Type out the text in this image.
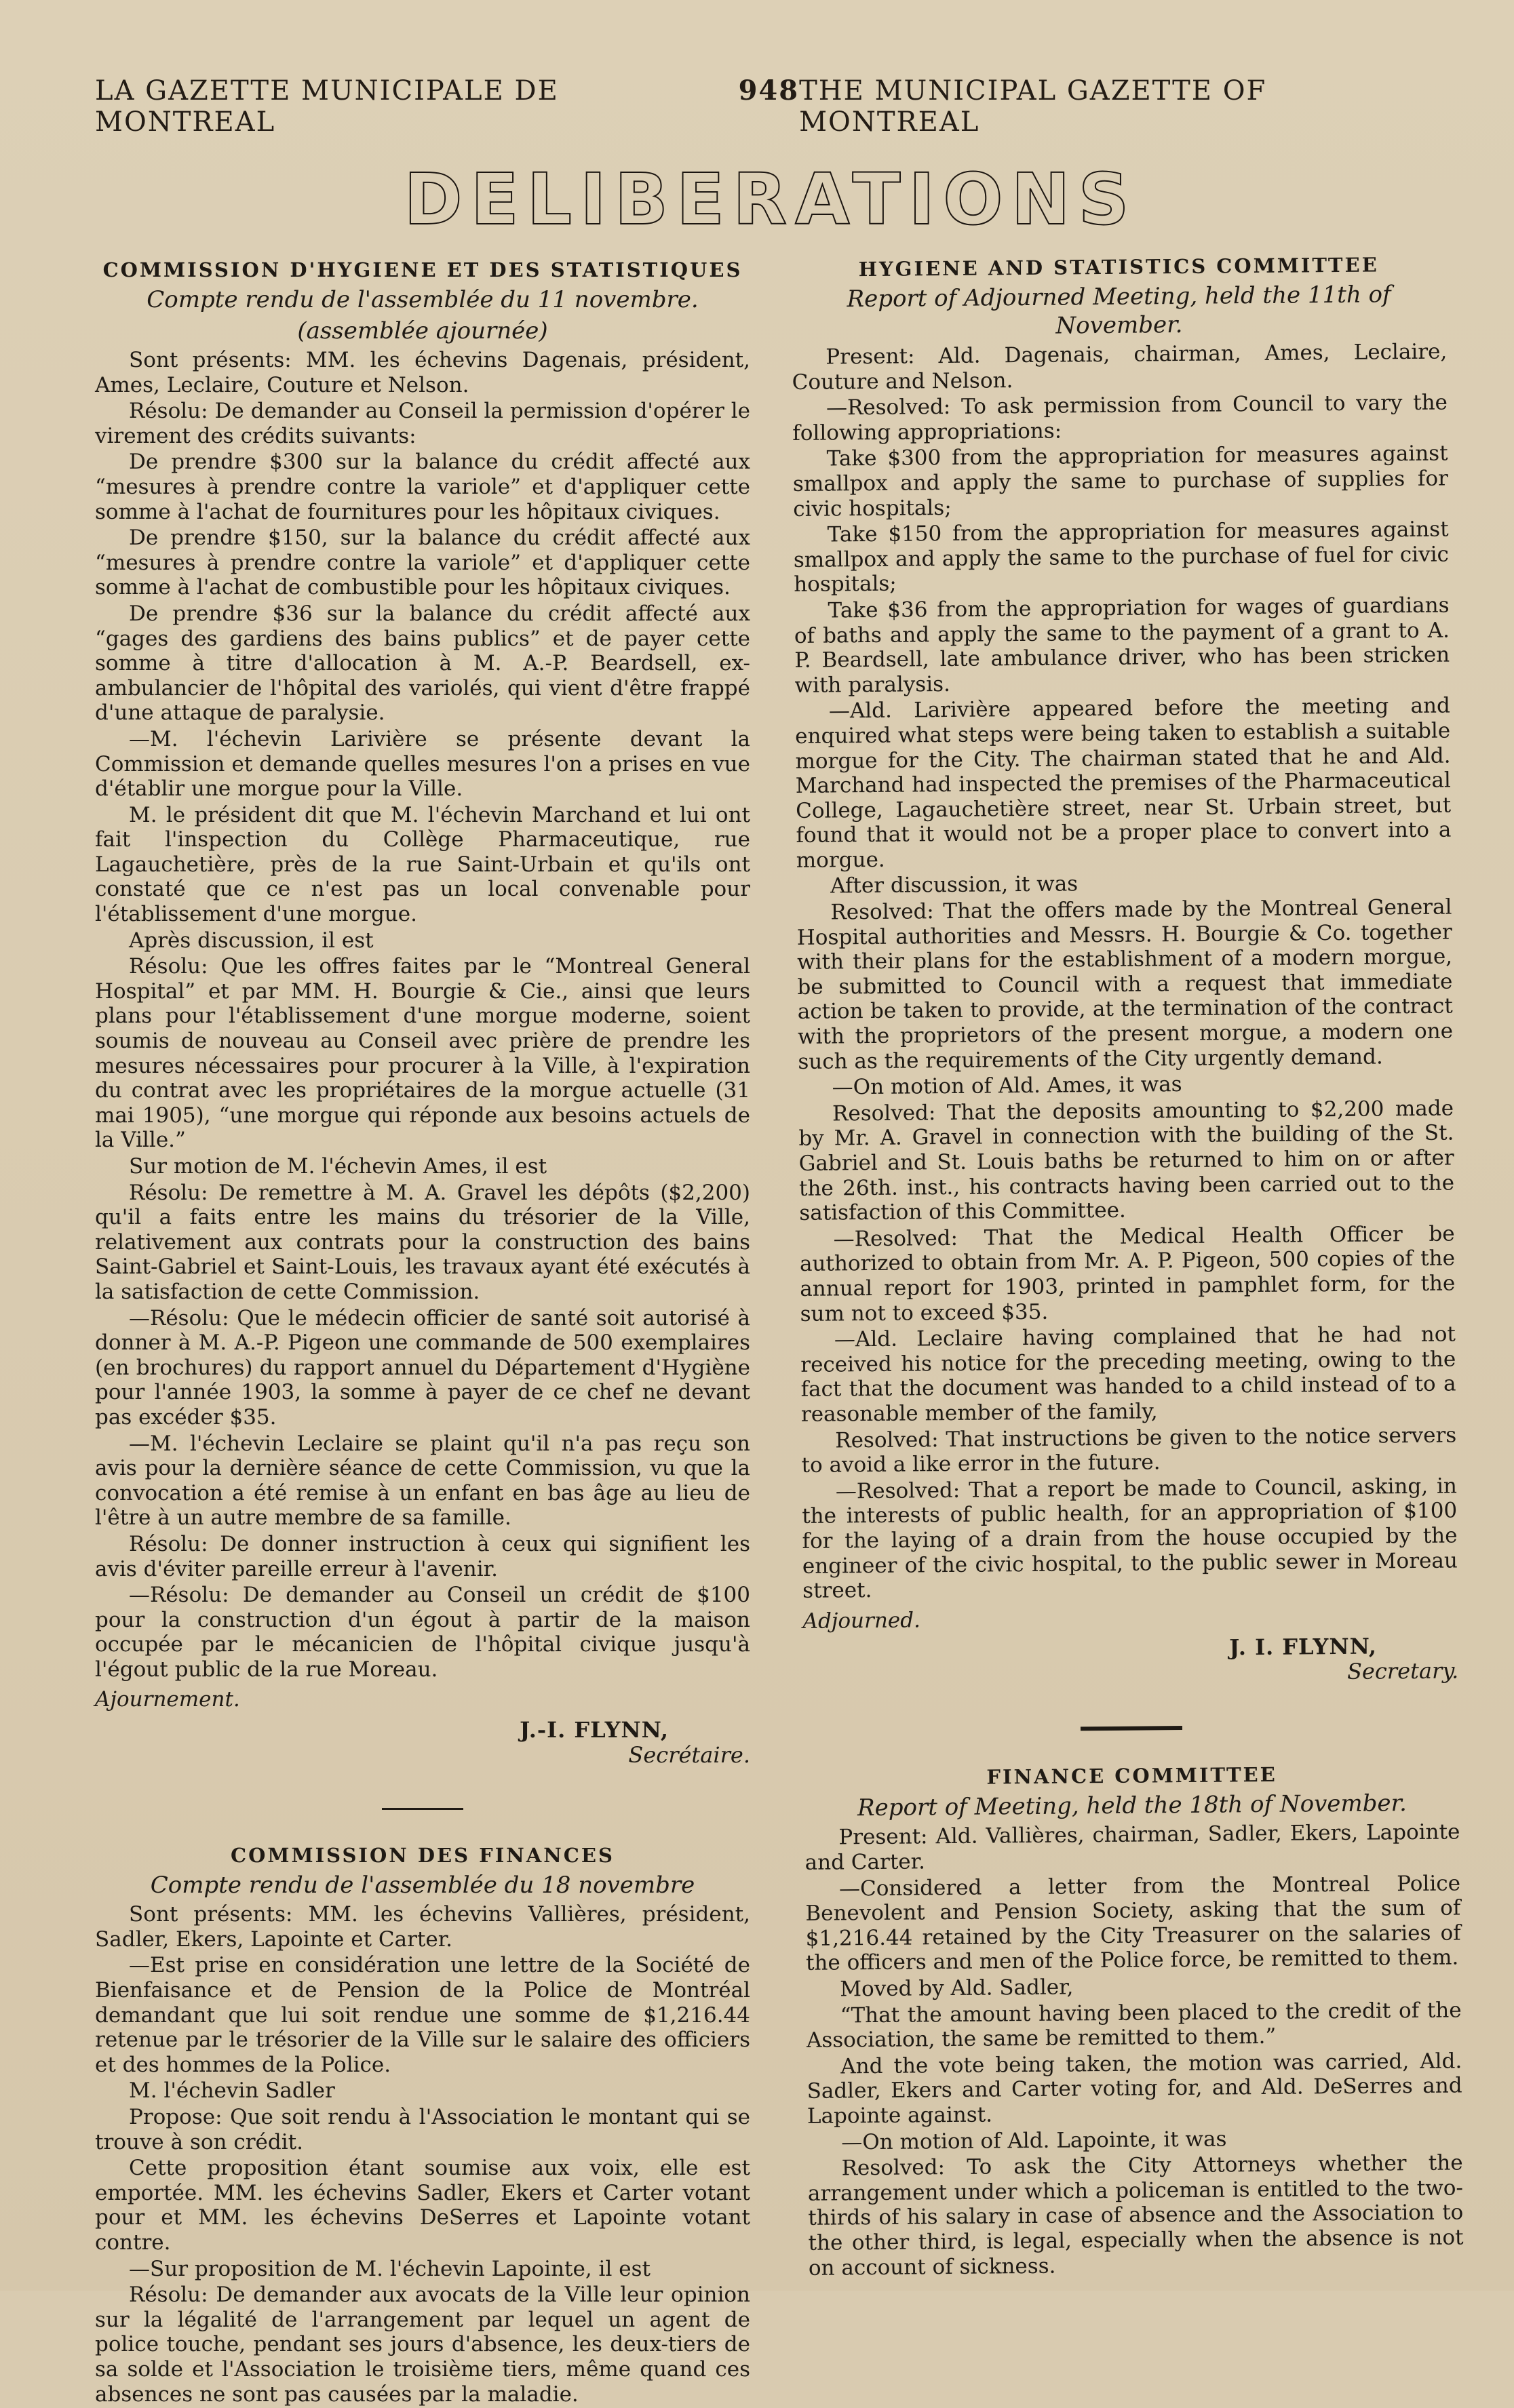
LA GAZETTE MUNICIPALE DE MONTREAL
948 THE MUNICIPAL GAZETTE OF MONTREAL
DELIBERATIONS
COMMISSION D'HYGIENE ET DES STATISTIQUES
Compte rendu de l'assemblée du 11 novembre.
(assemblée ajournée)

Sont présents: MM. les échevins Dagenais, président, Ames, Leclaire, Couture et Nelson.

Résolu: De demander au Conseil la permission d'opérer le virement des crédits suivants:

De prendre $300 sur la balance du crédit affecté aux “mesures à prendre contre la variole” et d'appliquer cette somme à l'achat de fournitures pour les hôpitaux civiques.

De prendre $150, sur la balance du crédit affecté aux “mesures à prendre contre la variole” et d'appliquer cette somme à l'achat de combustible pour les hôpitaux civiques.

De prendre $36 sur la balance du crédit affecté aux “gages des gardiens des bains publics” et de payer cette somme à titre d'allocation à M. A.-P. Beardsell, ex-ambulancier de l'hôpital des variolés, qui vient d'être frappé d'une attaque de paralysie.

—M. l'échevin Larivière se présente devant la Commission et demande quelles mesures l'on a prises en vue d'établir une morgue pour la Ville.

M. le président dit que M. l'échevin Marchand et lui ont fait l'inspection du Collège Pharmaceutique, rue Lagauchetière, près de la rue Saint-Urbain et qu'ils ont constaté que ce n'est pas un local convenable pour l'établissement d'une morgue.

Après discussion, il est

Résolu: Que les offres faites par le “Montreal General Hospital” et par MM. H. Bourgie & Cie., ainsi que leurs plans pour l'établissement d'une morgue moderne, soient soumis de nouveau au Conseil avec prière de prendre les mesures nécessaires pour procurer à la Ville, à l'expiration du contrat avec les propriétaires de la morgue actuelle (31 mai 1905), “une morgue qui réponde aux besoins actuels de la Ville.”

Sur motion de M. l'échevin Ames, il est

Résolu: De remettre à M. A. Gravel les dépôts ($2,200) qu'il a faits entre les mains du trésorier de la Ville, relativement aux contrats pour la construction des bains Saint-Gabriel et Saint-Louis, les travaux ayant été exécutés à la satisfaction de cette Commission.

—Résolu: Que le médecin officier de santé soit autorisé à donner à M. A.-P. Pigeon une commande de 500 exemplaires (en brochures) du rapport annuel du Département d'Hygiène pour l'année 1903, la somme à payer de ce chef ne devant pas excéder $35.

—M. l'échevin Leclaire se plaint qu'il n'a pas reçu son avis pour la dernière séance de cette Commission, vu que la convocation a été remise à un enfant en bas âge au lieu de l'être à un autre membre de sa famille.

Résolu: De donner instruction à ceux qui signifient les avis d'éviter pareille erreur à l'avenir.

—Résolu: De demander au Conseil un crédit de $100 pour la construction d'un égout à partir de la maison occupée par le mécanicien de l'hôpital civique jusqu'à l'égout public de la rue Moreau.

Ajournement.

J.-I. FLYNN,
Secrétaire.
COMMISSION DES FINANCES
Compte rendu de l'assemblée du 18 novembre

Sont présents: MM. les échevins Vallières, président, Sadler, Ekers, Lapointe et Carter.

—Est prise en considération une lettre de la Société de Bienfaisance et de Pension de la Police de Montréal demandant que lui soit rendue une somme de $1,216.44 retenue par le trésorier de la Ville sur le salaire des officiers et des hommes de la Police.

M. l'échevin Sadler

Propose: Que soit rendu à l'Association le montant qui se trouve à son crédit.

Cette proposition étant soumise aux voix, elle est emportée. MM. les échevins Sadler, Ekers et Carter votant pour et MM. les échevins DeSerres et Lapointe votant contre.

—Sur proposition de M. l'échevin Lapointe, il est

Résolu: De demander aux avocats de la Ville leur opinion sur la légalité de l'arrangement par lequel un agent de police touche, pendant ses jours d'absence, les deux-tiers de sa solde et l'Association le troisième tiers, même quand ces absences ne sont pas causées par la maladie.

HYGIENE AND STATISTICS COMMITTEE
Report of Adjourned Meeting, held the 11th of November.

Present: Ald. Dagenais, chairman, Ames, Leclaire, Couture and Nelson.

—Resolved: To ask permission from Council to vary the following appropriations:

Take $300 from the appropriation for measures against smallpox and apply the same to purchase of supplies for civic hospitals;

Take $150 from the appropriation for measures against smallpox and apply the same to the purchase of fuel for civic hospitals;

Take $36 from the appropriation for wages of guardians of baths and apply the same to the payment of a grant to A. P. Beardsell, late ambulance driver, who has been stricken with paralysis.

—Ald. Larivière appeared before the meeting and enquired what steps were being taken to establish a suitable morgue for the City. The chairman stated that he and Ald. Marchand had inspected the premises of the Pharmaceutical College, Lagauchetière street, near St. Urbain street, but found that it would not be a proper place to convert into a morgue.

After discussion, it was

Resolved: That the offers made by the Montreal General Hospital authorities and Messrs. H. Bourgie & Co. together with their plans for the establishment of a modern morgue, be submitted to Council with a request that immediate action be taken to provide, at the termination of the contract with the proprietors of the present morgue, a modern one such as the requirements of the City urgently demand.

—On motion of Ald. Ames, it was

Resolved: That the deposits amounting to $2,200 made by Mr. A. Gravel in connection with the building of the St. Gabriel and St. Louis baths be returned to him on or after the 26th. inst., his contracts having been carried out to the satisfaction of this Committee.

—Resolved: That the Medical Health Officer be authorized to obtain from Mr. A. P. Pigeon, 500 copies of the annual report for 1903, printed in pamphlet form, for the sum not to exceed $35.

—Ald. Leclaire having complained that he had not received his notice for the preceding meeting, owing to the fact that the document was handed to a child instead of to a reasonable member of the family,

Resolved: That instructions be given to the notice servers to avoid a like error in the future.

—Resolved: That a report be made to Council, asking, in the interests of public health, for an appropriation of $100 for the laying of a drain from the house occupied by the engineer of the civic hospital, to the public sewer in Moreau street.

Adjourned.

J. I. FLYNN,
Secretary.
FINANCE COMMITTEE
Report of Meeting, held the 18th of November.

Present: Ald. Vallières, chairman, Sadler, Ekers, Lapointe and Carter.

—Considered a letter from the Montreal Police Benevolent and Pension Society, asking that the sum of $1,216.44 retained by the City Treasurer on the salaries of the officers and men of the Police force, be remitted to them.

Moved by Ald. Sadler,

“That the amount having been placed to the credit of the Association, the same be remitted to them.”

And the vote being taken, the motion was carried, Ald. Sadler, Ekers and Carter voting for, and Ald. DeSerres and Lapointe against.

—On motion of Ald. Lapointe, it was

Resolved: To ask the City Attorneys whether the arrangement under which a policeman is entitled to the two-thirds of his salary in case of absence and the Association to the other third, is legal, especially when the absence is not on account of sickness.
